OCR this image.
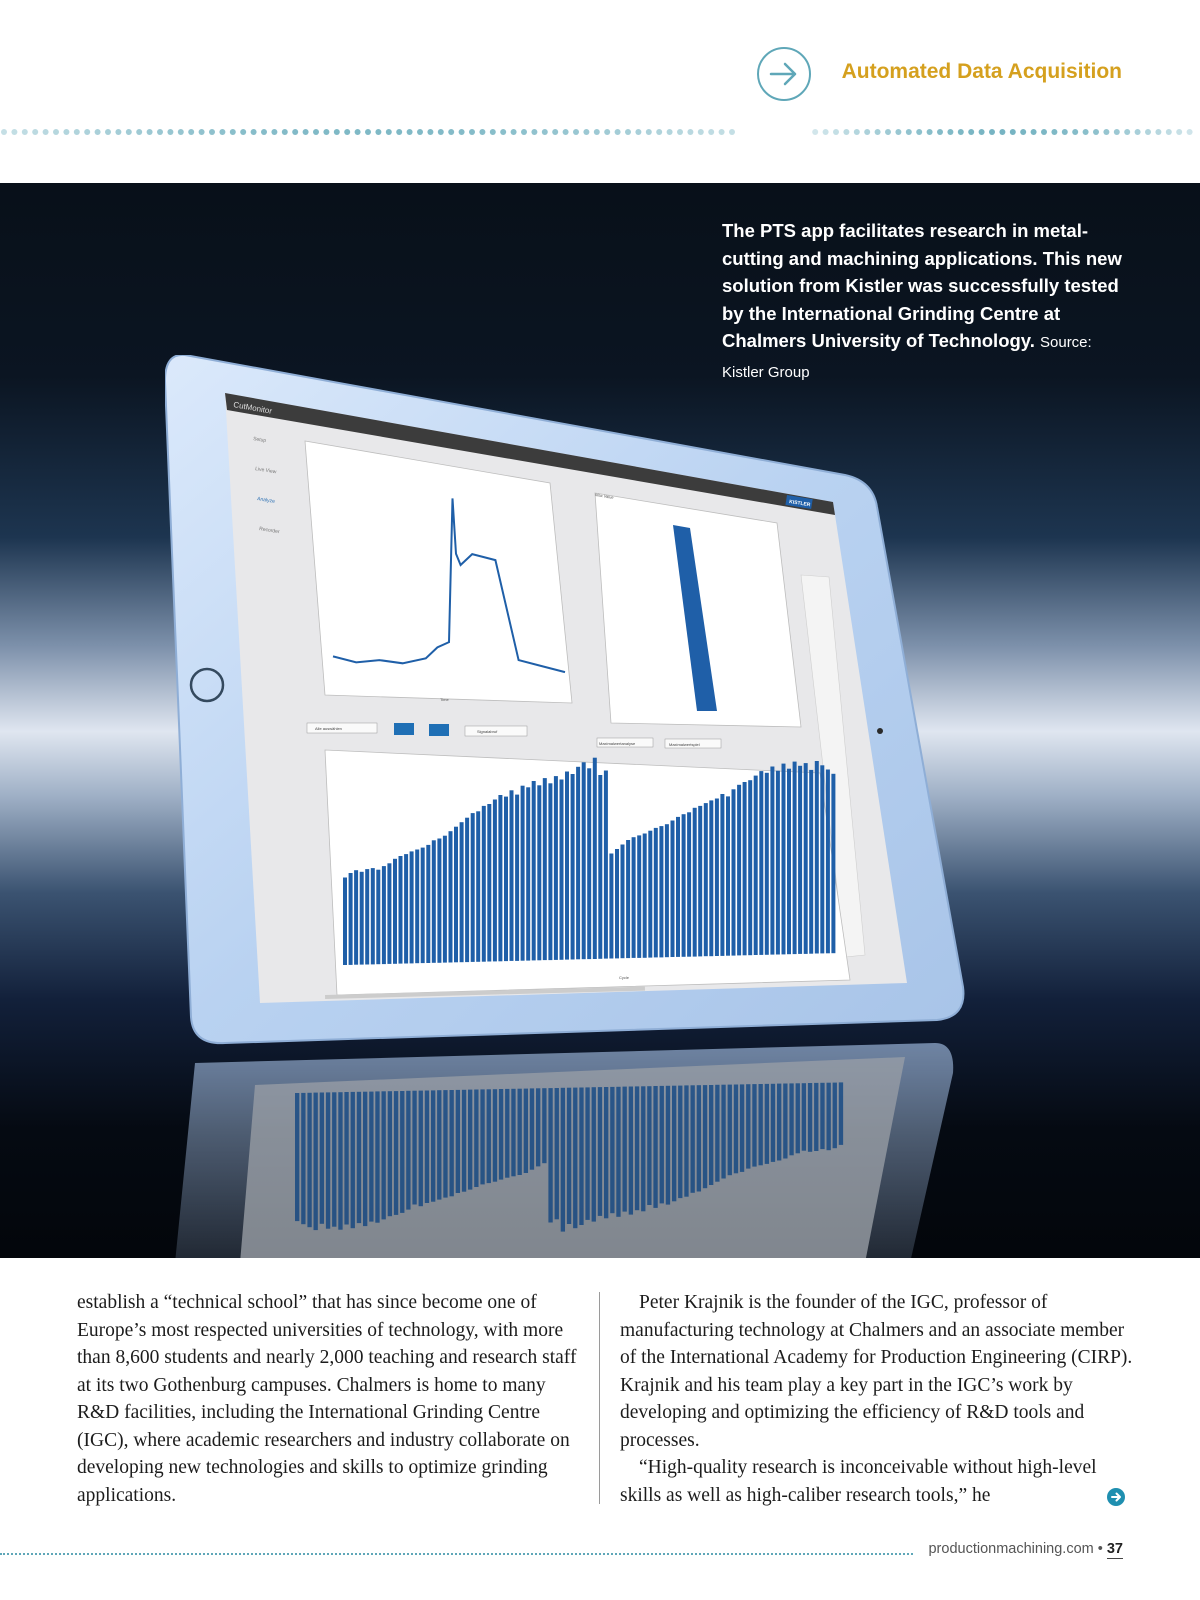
Automated Data Acquisition
The PTS app facilitates research in metal-cutting and machining applications. This new solution from Kistler was successfully tested by the International Grinding Centre at Chalmers University of Technology. Source: Kistler Group
CutMonitor
Setup
Live View
Analyze
Recorder
Max Value
KISTLER
Alle auswählen
Signalabruf
Maximalwertanalyse	Maximalwertspiel
Cycle
Time

establish a “technical school” that has since become one of Europe’s most respected universities of technology, with more than 8,600 students and nearly 2,000 teaching and research staff at its two Gothenburg campuses. Chalmers is home to many R&D facilities, including the International Grinding Centre (IGC), where academic researchers and industry collaborate on developing new technologies and skills to optimize grinding applications.

Peter Krajnik is the founder of the IGC, professor of manufacturing technology at Chalmers and an associate member of the International Academy for Production Engineering (CIRP). Krajnik and his team play a key part in the IGC’s work by developing and optimizing the efficiency of R&D tools and processes.

“High-quality research is inconceivable without high-level skills as well as high-caliber research tools,” he

productionmachining.com • 37
